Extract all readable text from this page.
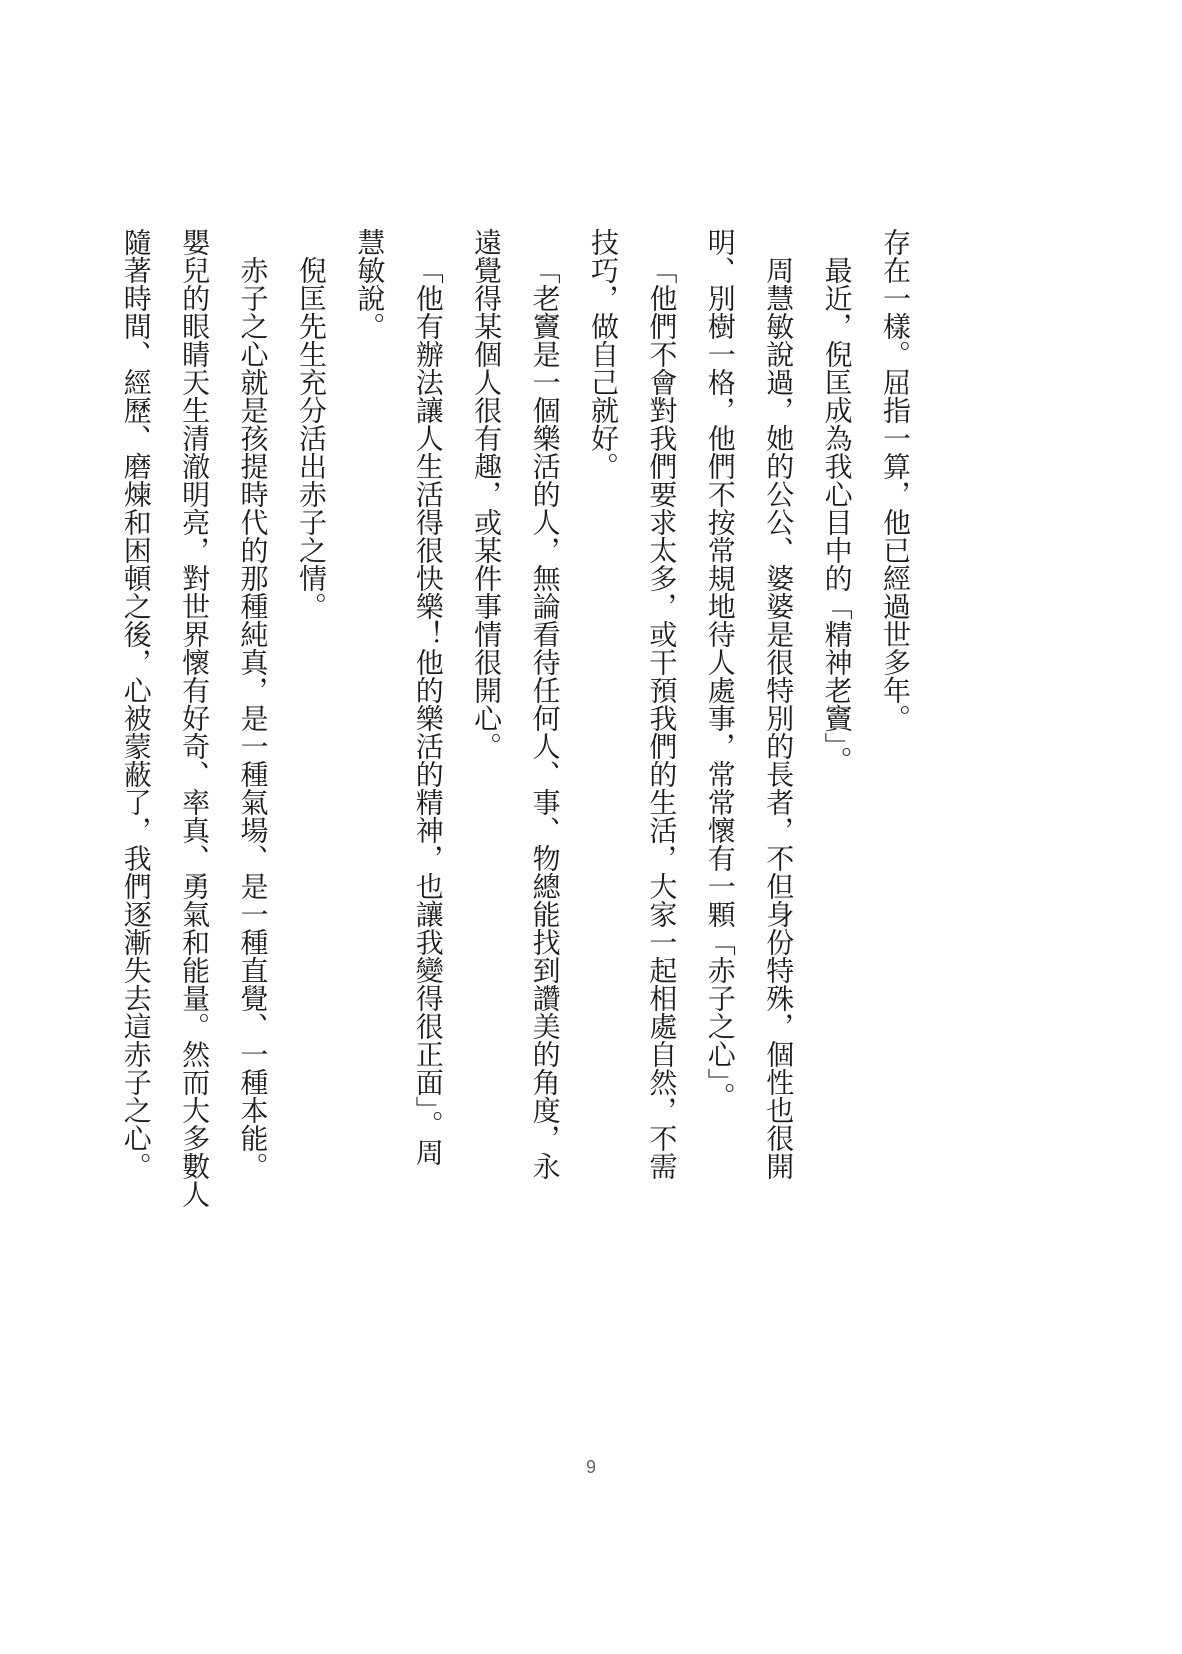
存在一樣。屈指一算，他已經過世多年。
最近，倪匡成為我心目中的「精神老竇」。
周慧敏說過，她的公公、婆婆是很特別的長者，不但身份特殊，個性也很開
明、別樹一格，他們不按常規地待人處事，常常懷有一顆「赤子之心」。
「他們不會對我們要求太多，或干預我們的生活，大家一起相處自然，不需
技巧，做自己就好。
「老竇是一個樂活的人，無論看待任何人、事、物總能找到讚美的角度，永
遠覺得某個人很有趣，或某件事情很開心。
「他有辦法讓人生活得很快樂！他的樂活的精神，也讓我變得很正面」。周
慧敏說。
倪匡先生充分活出赤子之情。
赤子之心就是孩提時代的那種純真，是一種氣場、是一種直覺、一種本能。
嬰兒的眼睛天生清澈明亮，對世界懷有好奇、率真、勇氣和能量。然而大多數人
隨著時間、經歷、磨煉和困頓之後，心被蒙蔽了，我們逐漸失去這赤子之心。
9
